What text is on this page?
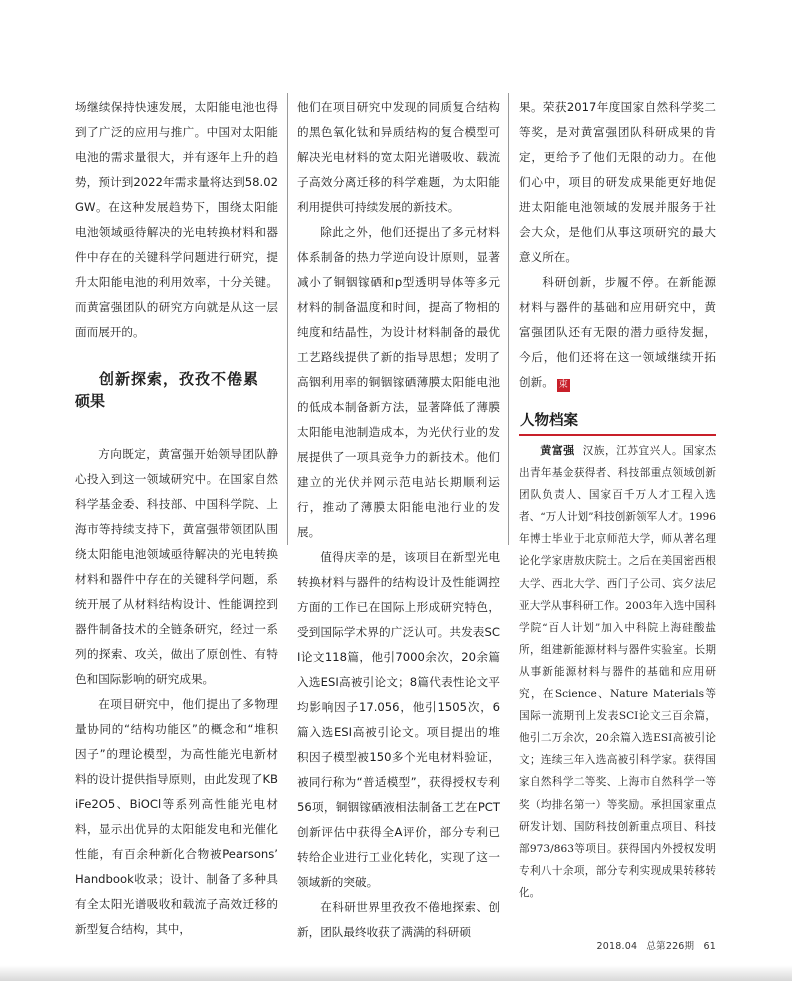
场继续保持快速发展，太阳能电池也得到了广泛的应用与推广。中国对太阳能电池的需求量很大，并有逐年上升的趋势，预计到2022年需求量将达到58.02GW。在这种发展趋势下，围绕太阳能电池领域亟待解决的光电转换材料和器件中存在的关键科学问题进行研究，提升太阳能电池的利用效率，十分关键。而黄富强团队的研究方向就是从这一层面而展开的。

创新探索，孜孜不倦累
硕果

方向既定，黄富强开始领导团队静心投入到这一领域研究中。在国家自然科学基金委、科技部、中国科学院、上海市等持续支持下，黄富强带领团队围绕太阳能电池领域亟待解决的光电转换材料和器件中存在的关键科学问题，系统开展了从材料结构设计、性能调控到器件制备技术的全链条研究，经过一系列的探索、攻关，做出了原创性、有特色和国际影响的研究成果。

在项目研究中，他们提出了多物理量协同的“结构功能区”的概念和“堆积因子”的理论模型，为高性能光电新材料的设计提供指导原则，由此发现了KBiFe2O5、BiOCl等系列高性能光电材料，显示出优异的太阳能发电和光催化性能，有百余种新化合物被Pearsons’ Handbook收录；设计、制备了多种具有全太阳光谱吸收和载流子高效迁移的新型复合结构，其中，

他们在项目研究中发现的同质复合结构的黑色氧化钛和异质结构的复合模型可解决光电材料的宽太阳光谱吸收、载流子高效分离迁移的科学难题，为太阳能利用提供可持续发展的新技术。

除此之外，他们还提出了多元材料体系制备的热力学逆向设计原则，显著减小了铜铟镓硒和p型透明导体等多元材料的制备温度和时间，提高了物相的纯度和结晶性，为设计材料制备的最优工艺路线提供了新的指导思想；发明了高铟利用率的铜铟镓硒薄膜太阳能电池的低成本制备新方法，显著降低了薄膜太阳能电池制造成本，为光伏行业的发展提供了一项具竞争力的新技术。他们建立的光伏并网示范电站长期顺利运行，推动了薄膜太阳能电池行业的发展。

值得庆幸的是，该项目在新型光电转换材料与器件的结构设计及性能调控方面的工作已在国际上形成研究特色，受到国际学术界的广泛认可。共发表SCI论文118篇，他引7000余次，20余篇入选ESI高被引论文；8篇代表性论文平均影响因子17.056，他引1505次，6篇入选ESI高被引论文。项目提出的堆积因子模型被150多个光电材料验证，被同行称为“普适模型”，获得授权专利56项，铜铟镓硒液相法制备工艺在PCT创新评估中获得全A评价，部分专利已转给企业进行工业化转化，实现了这一领域新的突破。

在科研世界里孜孜不倦地探索、创新，团队最终收获了满满的科研硕

果。荣获2017年度国家自然科学奖二等奖，是对黄富强团队科研成果的肯定，更给予了他们无限的动力。在他们心中，项目的研发成果能更好地促进太阳能电池领域的发展并服务于社会大众，是他们从事这项研究的最大意义所在。

科研创新，步履不停。在新能源材料与器件的基础和应用研究中，黄富强团队还有无限的潜力亟待发掘，今后，他们还将在这一领域继续开拓创新。 束

人物档案

黄富强 汉族，江苏宜兴人。国家杰出青年基金获得者、科技部重点领域创新团队负责人、国家百千万人才工程入选者、“万人计划”科技创新领军人才。1996年博士毕业于北京师范大学，师从著名理论化学家唐敖庆院士。之后在美国密西根大学、西北大学、西门子公司、宾夕法尼亚大学从事科研工作。2003年入选中国科学院“百人计划”加入中科院上海硅酸盐所，组建新能源材料与器件实验室。长期从事新能源材料与器件的基础和应用研究，在Science、Nature Materials等国际一流期刊上发表SCI论文三百余篇，他引二万余次，20余篇入选ESI高被引论文；连续三年入选高被引科学家。获得国家自然科学二等奖、上海市自然科学一等奖（均排名第一）等奖励。承担国家重点研发计划、国防科技创新重点项目、科技部973/863等项目。获得国内外授权发明专利八十余项，部分专利实现成果转移转化。

2018.04 总第226期 61
